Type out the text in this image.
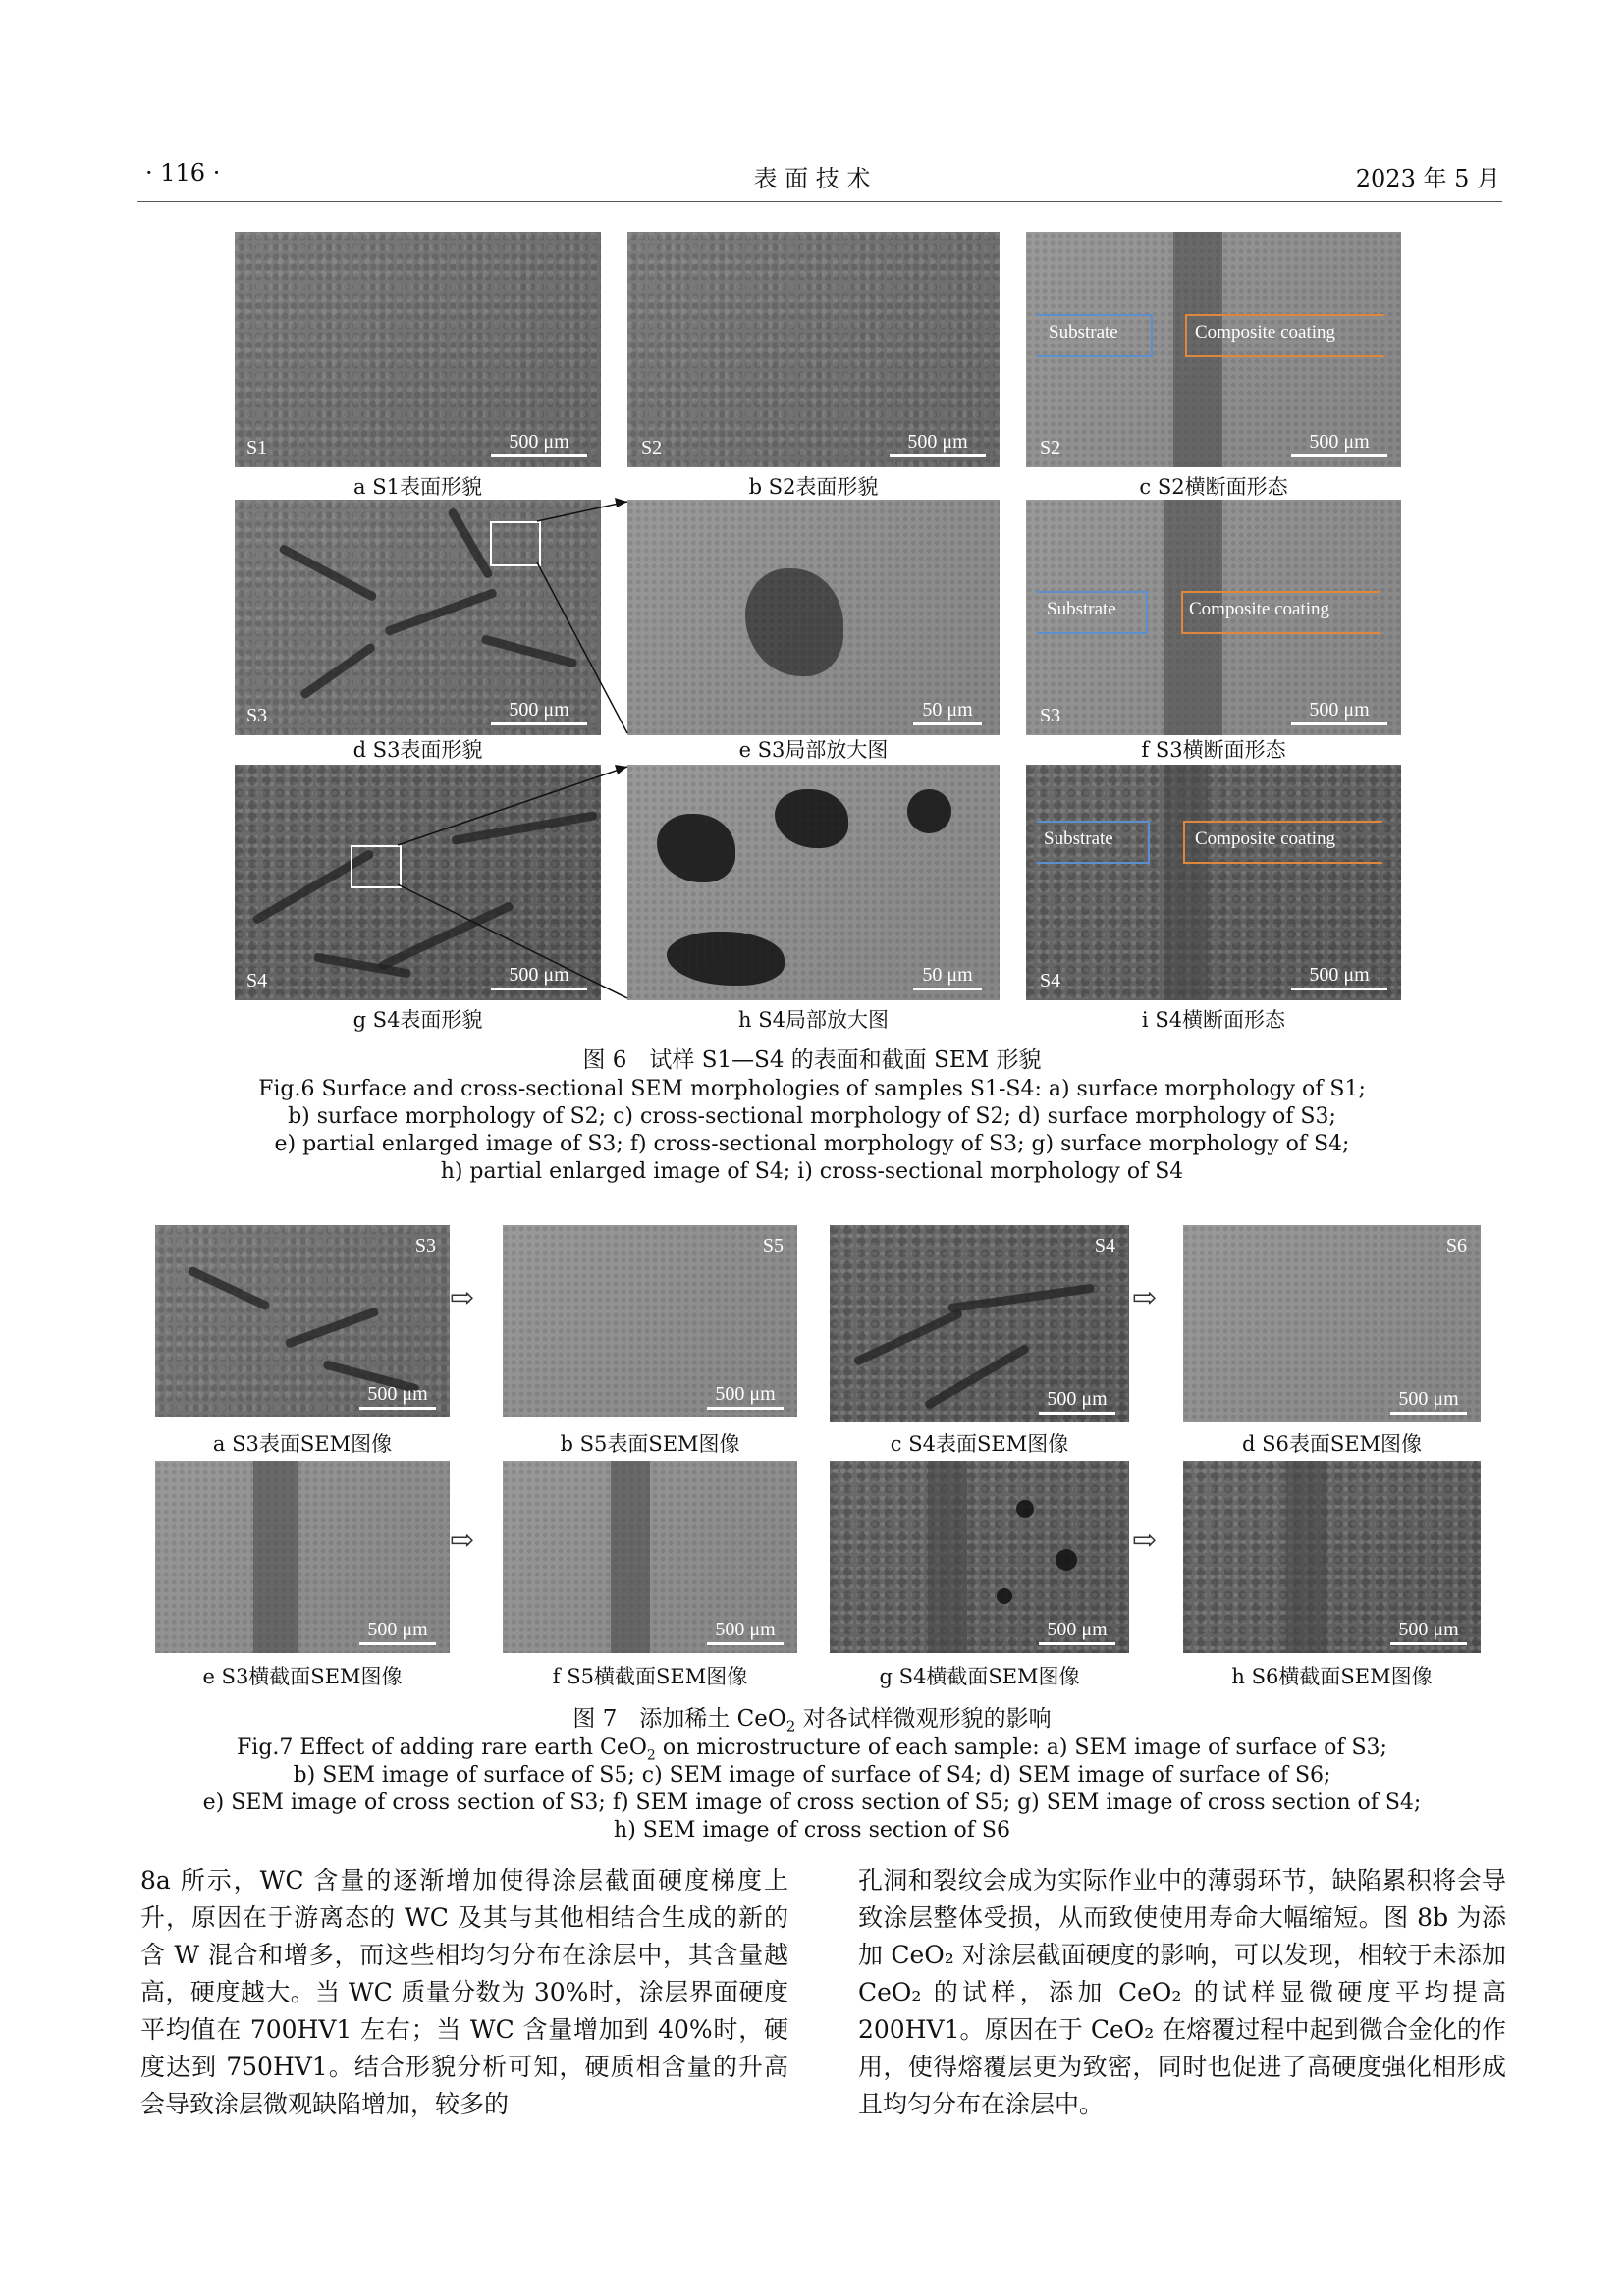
· 116 ·	表 面 技 术	2023 年 5 月
S1	500 μm
a S1表面形貌
S2	500 μm
b S2表面形貌
Substrate	Composite coating
S2	500 μm
c S2横断面形态
S3	500 μm
d S3表面形貌
50 μm
e S3局部放大图
Substrate	Composite coating
S3	500 μm
f S3横断面形态
S4	500 μm
g S4表面形貌
50 μm
h S4局部放大图
Substrate	Composite coating
S4	500 μm
i S4横断面形态
图 6　试样 S1—S4 的表面和截面 SEM 形貌
Fig.6 Surface and cross-sectional SEM morphologies of samples S1-S4: a) surface morphology of S1;
b) surface morphology of S2; c) cross-sectional morphology of S2; d) surface morphology of S3;
e) partial enlarged image of S3; f) cross-sectional morphology of S3; g) surface morphology of S4;
h) partial enlarged image of S4; i) cross-sectional morphology of S4
S3
500 μm
a S3表面SEM图像
⇨
S5
500 μm
b S5表面SEM图像
S4
500 μm
c S4表面SEM图像
⇨
S6
500 μm
d S6表面SEM图像
500 μm
e S3横截面SEM图像
⇨
500 μm
f S5横截面SEM图像
500 μm
g S4横截面SEM图像
⇨
500 μm
h S6横截面SEM图像
图 7　添加稀土 CeO$_2$ 对各试样微观形貌的影响
Fig.7 Effect of adding rare earth CeO$_2$ on microstructure of each sample: a) SEM image of surface of S3;
b) SEM image of surface of S5; c) SEM image of surface of S4; d) SEM image of surface of S6;
e) SEM image of cross section of S3; f) SEM image of cross section of S5; g) SEM image of cross section of S4;
h) SEM image of cross section of S6
8a 所示，WC 含量的逐渐增加使得涂层截面硬度梯度上升，原因在于游离态的 WC 及其与其他相结合生成的新的含 W 混合和增多，而这些相均匀分布在涂层中，其含量越高，硬度越大。当 WC 质量分数为 30%时，涂层界面硬度平均值在 700HV1 左右；当 WC 含量增加到 40%时，硬度达到 750HV1。结合形貌分析可知，硬质相含量的升高会导致涂层微观缺陷增加，较多的
孔洞和裂纹会成为实际作业中的薄弱环节，缺陷累积将会导致涂层整体受损，从而致使使用寿命大幅缩短。图 8b 为添加 CeO₂ 对涂层截面硬度的影响，可以发现，相较于未添加 CeO₂ 的试样，添加 CeO₂ 的试样显微硬度平均提高 200HV1。原因在于 CeO₂ 在熔覆过程中起到微合金化的作用，使得熔覆层更为致密，同时也促进了高硬度强化相形成且均匀分布在涂层中。
